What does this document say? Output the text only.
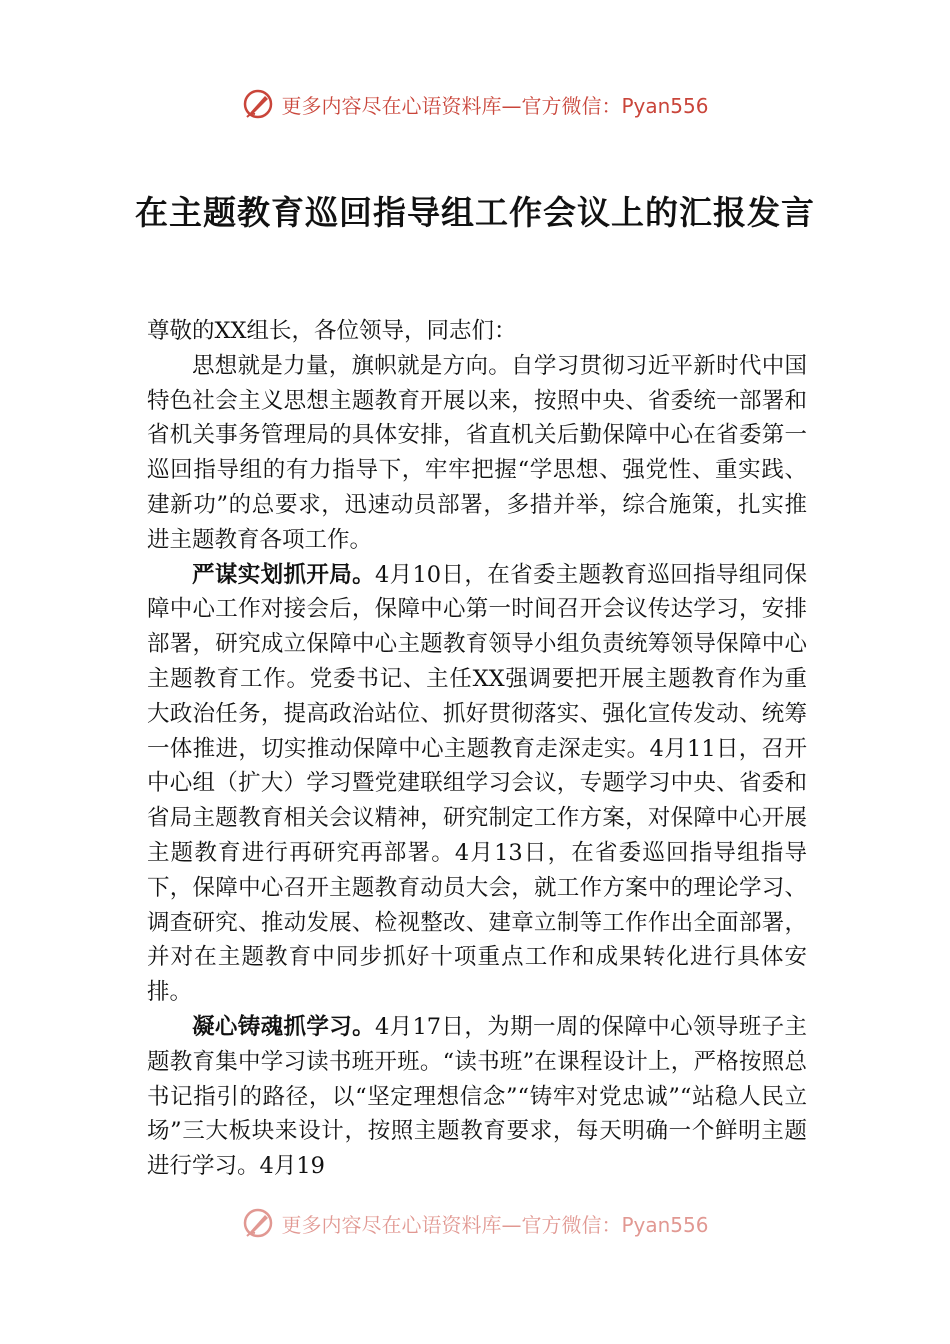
更多内容尽在心语资料库—官方微信：Pyan556
在主题教育巡回指导组工作会议上的汇报发言

尊敬的XX组长，各位领导，同志们：

思想就是力量，旗帜就是方向。自学习贯彻习近平新时代中国特色社会主义思想主题教育开展以来，按照中央、省委统一部署和省机关事务管理局的具体安排，省直机关后勤保障中心在省委第一巡回指导组的有力指导下，牢牢把握“学思想、强党性、重实践、建新功”的总要求，迅速动员部署，多措并举，综合施策，扎实推进主题教育各项工作。

严谋实划抓开局。4月10日，在省委主题教育巡回指导组同保障中心工作对接会后，保障中心第一时间召开会议传达学习，安排部署，研究成立保障中心主题教育领导小组负责统筹领导保障中心主题教育工作。党委书记、主任XX强调要把开展主题教育作为重大政治任务，提高政治站位、抓好贯彻落实、强化宣传发动、统筹一体推进，切实推动保障中心主题教育走深走实。4月11日，召开中心组（扩大）学习暨党建联组学习会议，专题学习中央、省委和省局主题教育相关会议精神，研究制定工作方案，对保障中心开展主题教育进行再研究再部署。4月13日，在省委巡回指导组指导下，保障中心召开主题教育动员大会，就工作方案中的理论学习、调查研究、推动发展、检视整改、建章立制等工作作出全面部署，并对在主题教育中同步抓好十项重点工作和成果转化进行具体安排。

凝心铸魂抓学习。4月17日，为期一周的保障中心领导班子主题教育集中学习读书班开班。“读书班”在课程设计上，严格按照总书记指引的路径，以“坚定理想信念”“铸牢对党忠诚”“站稳人民立场”三大板块来设计，按照主题教育要求，每天明确一个鲜明主题进行学习。4月19

更多内容尽在心语资料库—官方微信：Pyan556
